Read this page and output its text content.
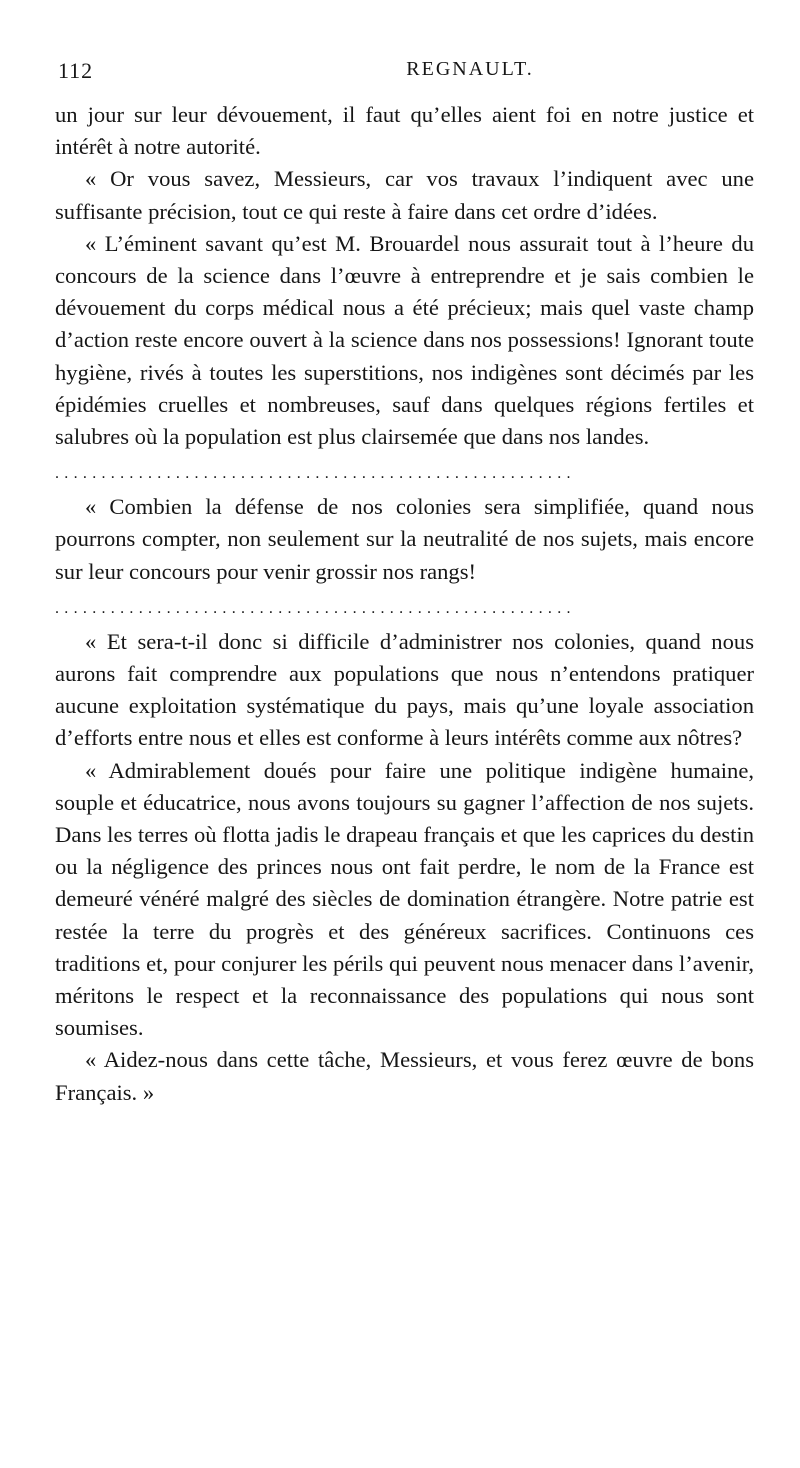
112	REGNAULT.

un jour sur leur dévouement, il faut qu’elles aient foi en notre justice et intérêt à notre autorité.

« Or vous savez, Messieurs, car vos travaux l’indiquent avec une suffisante précision, tout ce qui reste à faire dans cet ordre d’idées.

« L’éminent savant qu’est M. Brouardel nous assurait tout à l’heure du concours de la science dans l’œuvre à entreprendre et je sais combien le dévouement du corps médical nous a été précieux; mais quel vaste champ d’action reste encore ouvert à la science dans nos possessions! Ignorant toute hygiène, rivés à toutes les superstitions, nos indigènes sont décimés par les épidémies cruelles et nombreuses, sauf dans quelques régions fertiles et salubres où la population est plus clairsemée que dans nos landes.

........................................................

« Combien la défense de nos colonies sera simplifiée, quand nous pourrons compter, non seulement sur la neutralité de nos sujets, mais encore sur leur concours pour venir grossir nos rangs!

........................................................

« Et sera-t-il donc si difficile d’administrer nos colonies, quand nous aurons fait comprendre aux populations que nous n’entendons pratiquer aucune exploitation systématique du pays, mais qu’une loyale association d’efforts entre nous et elles est conforme à leurs intérêts comme aux nôtres?

« Admirablement doués pour faire une politique indigène humaine, souple et éducatrice, nous avons toujours su gagner l’affection de nos sujets. Dans les terres où flotta jadis le drapeau français et que les caprices du destin ou la négligence des princes nous ont fait perdre, le nom de la France est demeuré vénéré malgré des siècles de domination étrangère. Notre patrie est restée la terre du progrès et des généreux sacrifices. Continuons ces traditions et, pour conjurer les périls qui peuvent nous menacer dans l’avenir, méritons le respect et la reconnaissance des populations qui nous sont soumises.

« Aidez-nous dans cette tâche, Messieurs, et vous ferez œuvre de bons Français. »
